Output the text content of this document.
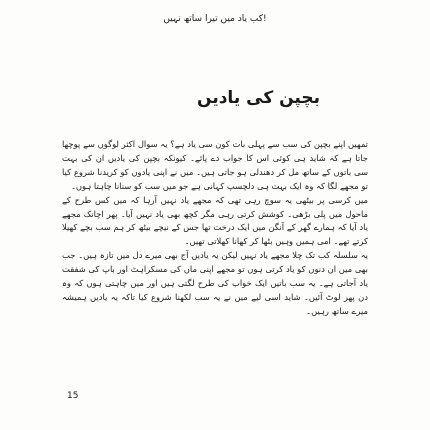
کب یاد میں تیرا ساتھ نہیں!
بچپن کی یادیں

تمھیں اپنے بچپن کی سب سے پہلی بات کون سی یاد ہے؟ یہ سوال اکثر لوگوں سے پوچھا جاتا ہے کہ شاید ہی کوئی اس کا جواب دے پائے۔ کیونکہ بچپن کی یادیں ان کی بہت سی باتوں کے ساتھ مل کر دھندلی ہو جاتی ہیں۔ میں نے اپنی یادوں کو کریدنا شروع کیا تو مجھے لگا کہ وہ ایک بہت ہی دلچسپ کہانی ہے جو میں سب کو سنانا چاہتا ہوں۔

میں کرسی پر بیٹھی یہ سوچ رہی تھی کہ مجھے یاد نہیں آرہا کہ میں کس طرح کے ماحول میں پلی بڑھی۔ کوشش کرتی رہی مگر کچھ بھی یاد نہیں آیا۔ پھر اچانک مجھے یاد آیا کہ ہمارے گھر کے آنگن میں ایک درخت تھا جس کے نیچے بیٹھ کر ہم سب بچے کھیلا کرتے تھے۔ امی ہمیں وہیں بٹھا کر کھانا کھلاتی تھیں۔

یہ سلسلہ کب تک چلا مجھے یاد نہیں لیکن یہ یادیں آج بھی میرے دل میں تازہ ہیں۔ جب بھی میں ان دنوں کو یاد کرتی ہوں تو مجھے اپنی ماں کی مسکراہٹ اور باپ کی شفقت یاد آجاتی ہے۔ یہ سب باتیں ایک خواب کی طرح لگتی ہیں اور میں چاہتی ہوں کہ وہ دن پھر لوٹ آئیں۔ شاید اسی لیے میں نے یہ سب لکھنا شروع کیا تاکہ یہ یادیں ہمیشہ میرے ساتھ رہیں۔

15
